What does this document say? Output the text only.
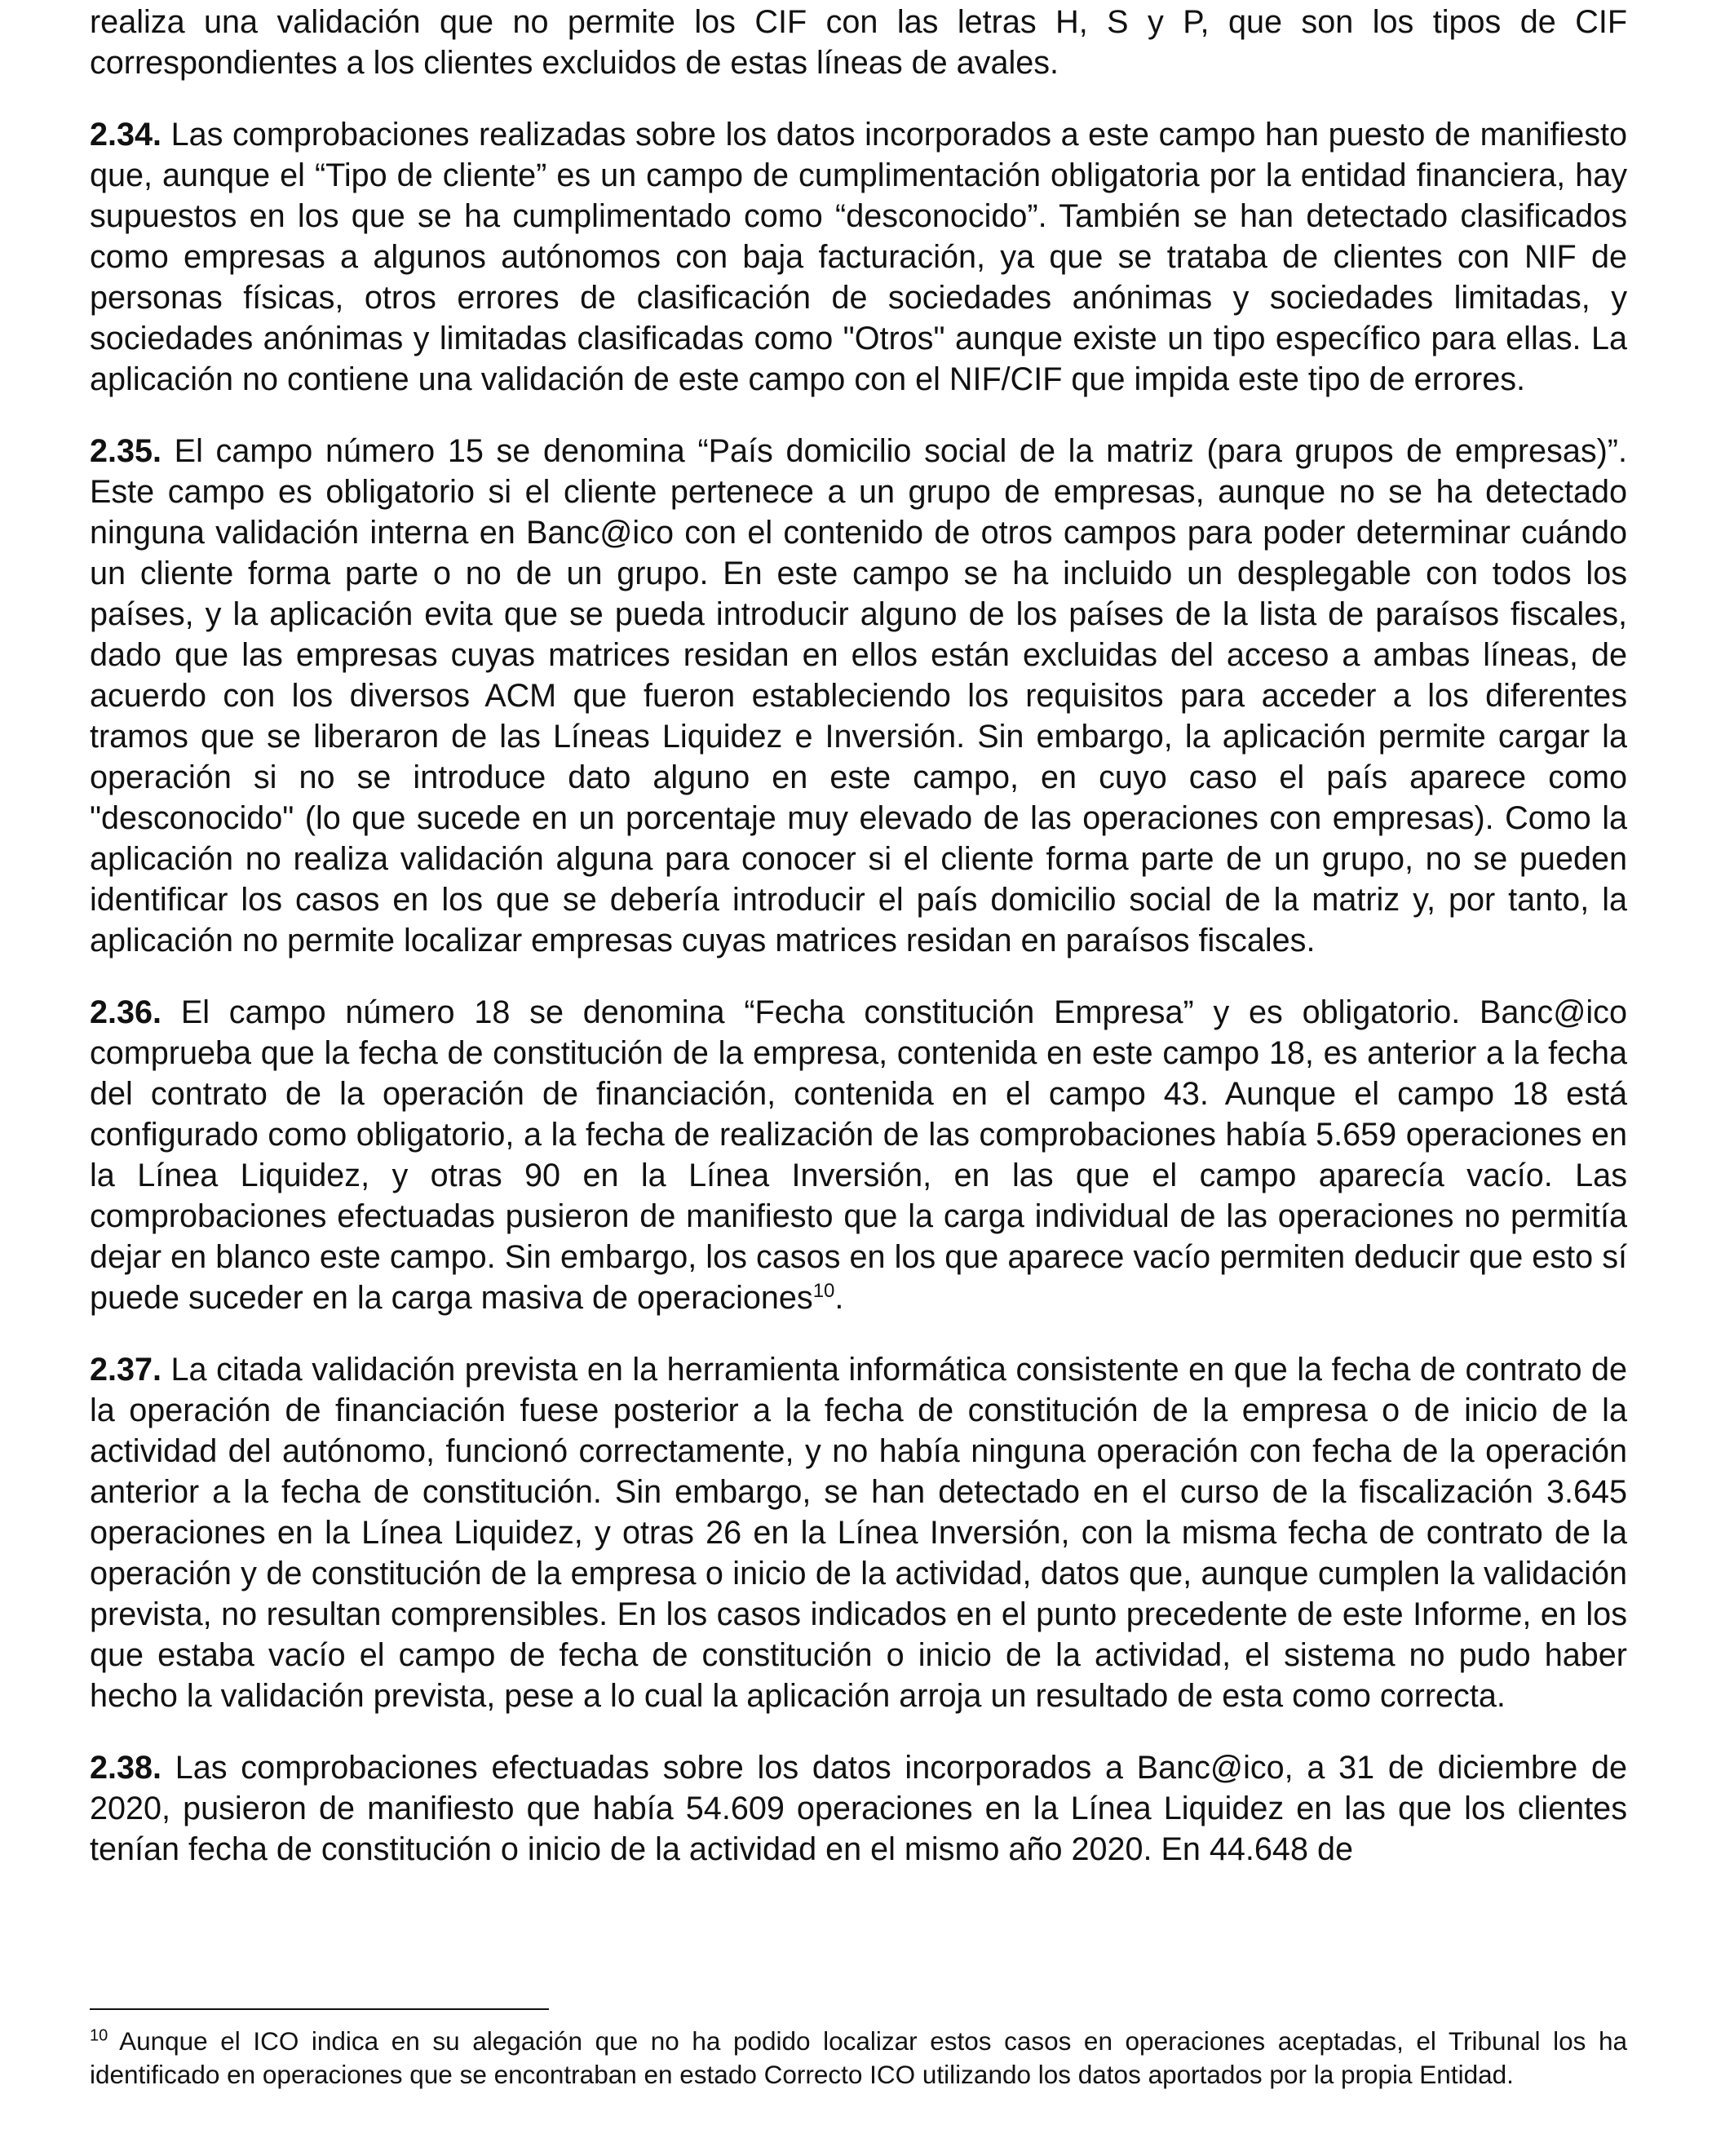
realiza una validación que no permite los CIF con las letras H, S y P, que son los tipos de CIF correspondientes a los clientes excluidos de estas líneas de avales.

2.34. Las comprobaciones realizadas sobre los datos incorporados a este campo han puesto de manifiesto que, aunque el “Tipo de cliente” es un campo de cumplimentación obligatoria por la entidad financiera, hay supuestos en los que se ha cumplimentado como “desconocido”. También se han detectado clasificados como empresas a algunos autónomos con baja facturación, ya que se trataba de clientes con NIF de personas físicas, otros errores de clasificación de sociedades anónimas y sociedades limitadas, y sociedades anónimas y limitadas clasificadas como "Otros" aunque existe un tipo específico para ellas. La aplicación no contiene una validación de este campo con el NIF/CIF que impida este tipo de errores.

2.35. El campo número 15 se denomina “País domicilio social de la matriz (para grupos de empresas)”. Este campo es obligatorio si el cliente pertenece a un grupo de empresas, aunque no se ha detectado ninguna validación interna en Banc@ico con el contenido de otros campos para poder determinar cuándo un cliente forma parte o no de un grupo. En este campo se ha incluido un desplegable con todos los países, y la aplicación evita que se pueda introducir alguno de los países de la lista de paraísos fiscales, dado que las empresas cuyas matrices residan en ellos están excluidas del acceso a ambas líneas, de acuerdo con los diversos ACM que fueron estableciendo los requisitos para acceder a los diferentes tramos que se liberaron de las Líneas Liquidez e Inversión. Sin embargo, la aplicación permite cargar la operación si no se introduce dato alguno en este campo, en cuyo caso el país aparece como "desconocido" (lo que sucede en un porcentaje muy elevado de las operaciones con empresas). Como la aplicación no realiza validación alguna para conocer si el cliente forma parte de un grupo, no se pueden identificar los casos en los que se debería introducir el país domicilio social de la matriz y, por tanto, la aplicación no permite localizar empresas cuyas matrices residan en paraísos fiscales.

2.36. El campo número 18 se denomina “Fecha constitución Empresa” y es obligatorio. Banc@ico comprueba que la fecha de constitución de la empresa, contenida en este campo 18, es anterior a la fecha del contrato de la operación de financiación, contenida en el campo 43. Aunque el campo 18 está configurado como obligatorio, a la fecha de realización de las comprobaciones había 5.659 operaciones en la Línea Liquidez, y otras 90 en la Línea Inversión, en las que el campo aparecía vacío. Las comprobaciones efectuadas pusieron de manifiesto que la carga individual de las operaciones no permitía dejar en blanco este campo. Sin embargo, los casos en los que aparece vacío permiten deducir que esto sí puede suceder en la carga masiva de operaciones$^{10}$.

2.37. La citada validación prevista en la herramienta informática consistente en que la fecha de contrato de la operación de financiación fuese posterior a la fecha de constitución de la empresa o de inicio de la actividad del autónomo, funcionó correctamente, y no había ninguna operación con fecha de la operación anterior a la fecha de constitución. Sin embargo, se han detectado en el curso de la fiscalización 3.645 operaciones en la Línea Liquidez, y otras 26 en la Línea Inversión, con la misma fecha de contrato de la operación y de constitución de la empresa o inicio de la actividad, datos que, aunque cumplen la validación prevista, no resultan comprensibles. En los casos indicados en el punto precedente de este Informe, en los que estaba vacío el campo de fecha de constitución o inicio de la actividad, el sistema no pudo haber hecho la validación prevista, pese a lo cual la aplicación arroja un resultado de esta como correcta.

2.38. Las comprobaciones efectuadas sobre los datos incorporados a Banc@ico, a 31 de diciembre de 2020, pusieron de manifiesto que había 54.609 operaciones en la Línea Liquidez en las que los clientes tenían fecha de constitución o inicio de la actividad en el mismo año 2020. En 44.648 de

$^{10}$ Aunque el ICO indica en su alegación que no ha podido localizar estos casos en operaciones aceptadas, el Tribunal los ha identificado en operaciones que se encontraban en estado Correcto ICO utilizando los datos aportados por la propia Entidad.
